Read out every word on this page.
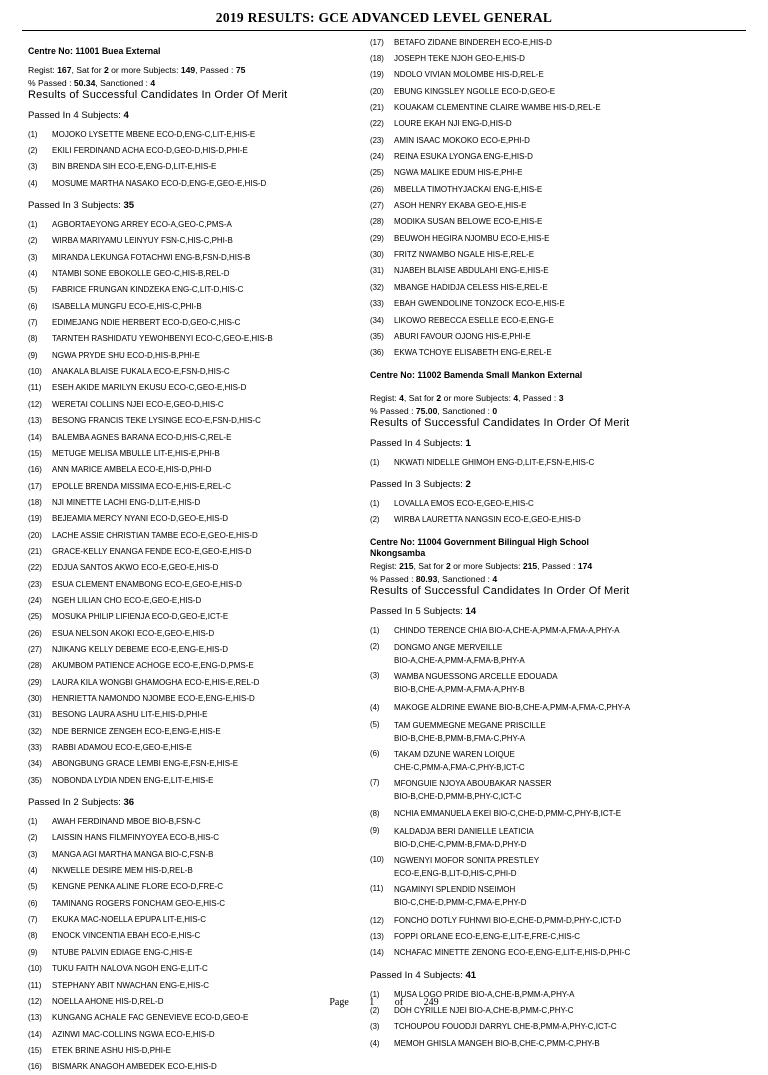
2019 RESULTS: GCE ADVANCED LEVEL GENERAL
Centre No: 11001 Buea External
Regist: 167, Sat for 2 or more Subjects: 149, Passed : 75
% Passed : 50.34, Sanctioned : 4
Results of Successful Candidates In Order Of Merit
Passed In 4 Subjects: 4
(1)	MOJOKO LYSETTE MBENE ECO-D,ENG-C,LIT-E,HIS-E
(2)	EKILI FERDINAND ACHA ECO-D,GEO-D,HIS-D,PHI-E
(3)	BIN BRENDA SIH ECO-E,ENG-D,LIT-E,HIS-E
(4)	MOSUME MARTHA NASAKO ECO-D,ENG-E,GEO-E,HIS-D
Passed In 3 Subjects: 35
(1)	AGBORTAEYONG ARREY ECO-A,GEO-C,PMS-A
(2)	WIRBA MARIYAMU LEINYUY FSN-C,HIS-C,PHI-B
(3)	MIRANDA LEKUNGA FOTACHWI ENG-B,FSN-D,HIS-B
(4)	NTAMBI SONE EBOKOLLE GEO-C,HIS-B,REL-D
(5)	FABRICE FRUNGAN KINDZEKA ENG-C,LIT-D,HIS-C
(6)	ISABELLA MUNGFU ECO-E,HIS-C,PHI-B
(7)	EDIMEJANG NDIE HERBERT ECO-D,GEO-C,HIS-C
(8)	TARNTEH RASHIDATU YEWOHBENYI ECO-C,GEO-E,HIS-B
(9)	NGWA PRYDE SHU ECO-D,HIS-B,PHI-E
(10)	ANAKALA BLAISE FUKALA ECO-E,FSN-D,HIS-C
(11)	ESEH AKIDE MARILYN EKUSU ECO-C,GEO-E,HIS-D
(12)	WERETAI COLLINS NJEI ECO-E,GEO-D,HIS-C
(13)	BESONG FRANCIS TEKE LYSINGE ECO-E,FSN-D,HIS-C
(14)	BALEMBA AGNES BARANA ECO-D,HIS-C,REL-E
(15)	METUGE MELISA MBULLE LIT-E,HIS-E,PHI-B
(16)	ANN MARICE AMBELA ECO-E,HIS-D,PHI-D
(17)	EPOLLE BRENDA MISSIMA ECO-E,HIS-E,REL-C
(18)	NJI MINETTE LACHI ENG-D,LIT-E,HIS-D
(19)	BEJEAMIA MERCY NYANI ECO-D,GEO-E,HIS-D
(20)	LACHE ASSIE CHRISTIAN TAMBE ECO-E,GEO-E,HIS-D
(21)	GRACE-KELLY ENANGA FENDE ECO-E,GEO-E,HIS-D
(22)	EDJUA SANTOS AKWO ECO-E,GEO-E,HIS-D
(23)	ESUA CLEMENT ENAMBONG ECO-E,GEO-E,HIS-D
(24)	NGEH LILIAN CHO ECO-E,GEO-E,HIS-D
(25)	MOSUKA PHILIP LIFIENJA ECO-D,GEO-E,ICT-E
(26)	ESUA NELSON AKOKI ECO-E,GEO-E,HIS-D
(27)	NJIKANG KELLY DEBEME ECO-E,ENG-E,HIS-D
(28)	AKUMBOM PATIENCE ACHOGE ECO-E,ENG-D,PMS-E
(29)	LAURA KILA WONGBI GHAMOGHA ECO-E,HIS-E,REL-D
(30)	HENRIETTA NAMONDO NJOMBE ECO-E,ENG-E,HIS-D
(31)	BESONG LAURA ASHU LIT-E,HIS-D,PHI-E
(32)	NDE BERNICE ZENGEH ECO-E,ENG-E,HIS-E
(33)	RABBI ADAMOU ECO-E,GEO-E,HIS-E
(34)	ABONGBUNG GRACE LEMBI ENG-E,FSN-E,HIS-E
(35)	NOBONDA LYDIA NDEN ENG-E,LIT-E,HIS-E
Passed In 2 Subjects: 36
(1)	AWAH FERDINAND MBOE BIO-B,FSN-C
(2)	LAISSIN HANS FILMFINYOYEA ECO-B,HIS-C
(3)	MANGA AGI MARTHA MANGA BIO-C,FSN-B
(4)	NKWELLE DESIRE MEM HIS-D,REL-B
(5)	KENGNE PENKA ALINE FLORE ECO-D,FRE-C
(6)	TAMINANG ROGERS FONCHAM GEO-E,HIS-C
(7)	EKUKA MAC-NOELLA EPUPA LIT-E,HIS-C
(8)	ENOCK VINCENTIA EBAH ECO-E,HIS-C
(9)	NTUBE PALVIN EDIAGE ENG-C,HIS-E
(10)	TUKU FAITH NALOVA NGOH ENG-E,LIT-C
(11)	STEPHANY ABIT NWACHAN ENG-E,HIS-C
(12)	NOELLA AHONE HIS-D,REL-D
(13)	KUNGANG ACHALE FAC GENEVIEVE ECO-D,GEO-E
(14)	AZINWI MAC-COLLINS NGWA ECO-E,HIS-D
(15)	ETEK BRINE ASHU HIS-D,PHI-E
(16)	BISMARK ANAGOH AMBEDEK ECO-E,HIS-D
(17)	BETAFO ZIDANE BINDEREH ECO-E,HIS-D
(18)	JOSEPH TEKE NJOH GEO-E,HIS-D
(19)	NDOLO VIVIAN MOLOMBE HIS-D,REL-E
(20)	EBUNG KINGSLEY NGOLLE ECO-D,GEO-E
(21)	KOUAKAM CLEMENTINE CLAIRE WAMBE HIS-D,REL-E
(22)	LOURE EKAH NJI ENG-D,HIS-D
(23)	AMIN ISAAC MOKOKO ECO-E,PHI-D
(24)	REINA ESUKA LYONGA ENG-E,HIS-D
(25)	NGWA MALIKE EDUM HIS-E,PHI-E
(26)	MBELLA TIMOTHYJACKAI ENG-E,HIS-E
(27)	ASOH HENRY EKABA GEO-E,HIS-E
(28)	MODIKA SUSAN BELOWE ECO-E,HIS-E
(29)	BEUWOH HEGIRA NJOMBU ECO-E,HIS-E
(30)	FRITZ NWAMBO NGALE HIS-E,REL-E
(31)	NJABEH BLAISE ABDULAHI ENG-E,HIS-E
(32)	MBANGE HADIDJA CELESS HIS-E,REL-E
(33)	EBAH GWENDOLINE TONZOCK ECO-E,HIS-E
(34)	LIKOWO REBECCA ESELLE ECO-E,ENG-E
(35)	ABURI FAVOUR OJONG HIS-E,PHI-E
(36)	EKWA TCHOYE ELISABETH ENG-E,REL-E
Centre No: 11002 Bamenda Small Mankon External
Regist: 4, Sat for 2 or more Subjects: 4, Passed : 3
% Passed : 75.00, Sanctioned : 0
Results of Successful Candidates In Order Of Merit
Passed In 4 Subjects: 1
(1)	NKWATI NIDELLE GHIMOH ENG-D,LIT-E,FSN-E,HIS-C
Passed In 3 Subjects: 2
(1)	LOVALLA EMOS ECO-E,GEO-E,HIS-C
(2)	WIRBA LAURETTA NANGSIN ECO-E,GEO-E,HIS-D
Centre No: 11004 Government Bilingual High School
Nkongsamba
Regist: 215, Sat for 2 or more Subjects: 215, Passed : 174
% Passed : 80.93, Sanctioned : 4
Results of Successful Candidates In Order Of Merit
Passed In 5 Subjects: 14
(1)	CHINDO TERENCE CHIA BIO-A,CHE-A,PMM-A,FMA-A,PHY-A
(2)	DONGMO ANGE MERVEILLE
BIO-A,CHE-A,PMM-A,FMA-B,PHY-A
(3)	WAMBA NGUESSONG ARCELLE EDOUADA
BIO-B,CHE-A,PMM-A,FMA-A,PHY-B
(4)	MAKOGE ALDRINE EWANE BIO-B,CHE-A,PMM-A,FMA-C,PHY-A
(5)	TAM GUEMMEGNE MEGANE PRISCILLE
BIO-B,CHE-B,PMM-B,FMA-C,PHY-A
(6)	TAKAM DZUNE WAREN LOIQUE
CHE-C,PMM-A,FMA-C,PHY-B,ICT-C
(7)	MFONGUIE NJOYA ABOUBAKAR NASSER
BIO-B,CHE-D,PMM-B,PHY-C,ICT-C
(8)	NCHIA EMMANUELA EKEI BIO-C,CHE-D,PMM-C,PHY-B,ICT-E
(9)	KALDADJA BERI DANIELLE LEATICIA
BIO-D,CHE-C,PMM-B,FMA-D,PHY-D
(10)	NGWENYI MOFOR SONITA PRESTLEY
ECO-E,ENG-B,LIT-D,HIS-C,PHI-D
(11)	NGAMINYI SPLENDID NSEIMOH
BIO-C,CHE-D,PMM-C,FMA-E,PHY-D
(12)	FONCHO DOTLY FUHNWI BIO-E,CHE-D,PMM-D,PHY-C,ICT-D
(13)	FOPPI ORLANE ECO-E,ENG-E,LIT-E,FRE-C,HIS-C
(14)	NCHAFAC MINETTE ZENONG ECO-E,ENG-E,LIT-E,HIS-D,PHI-C
Passed In 4 Subjects: 41
(1)	MUSA LOGO PRIDE BIO-A,CHE-B,PMM-A,PHY-A
(2)	DOH CYRILLE NJEI BIO-A,CHE-B,PMM-C,PHY-C
(3)	TCHOUPOU FOUODJI DARRYL CHE-B,PMM-A,PHY-C,ICT-C
(4)	MEMOH GHISLA MANGEH BIO-B,CHE-C,PMM-C,PHY-B
Page 1 of 249
